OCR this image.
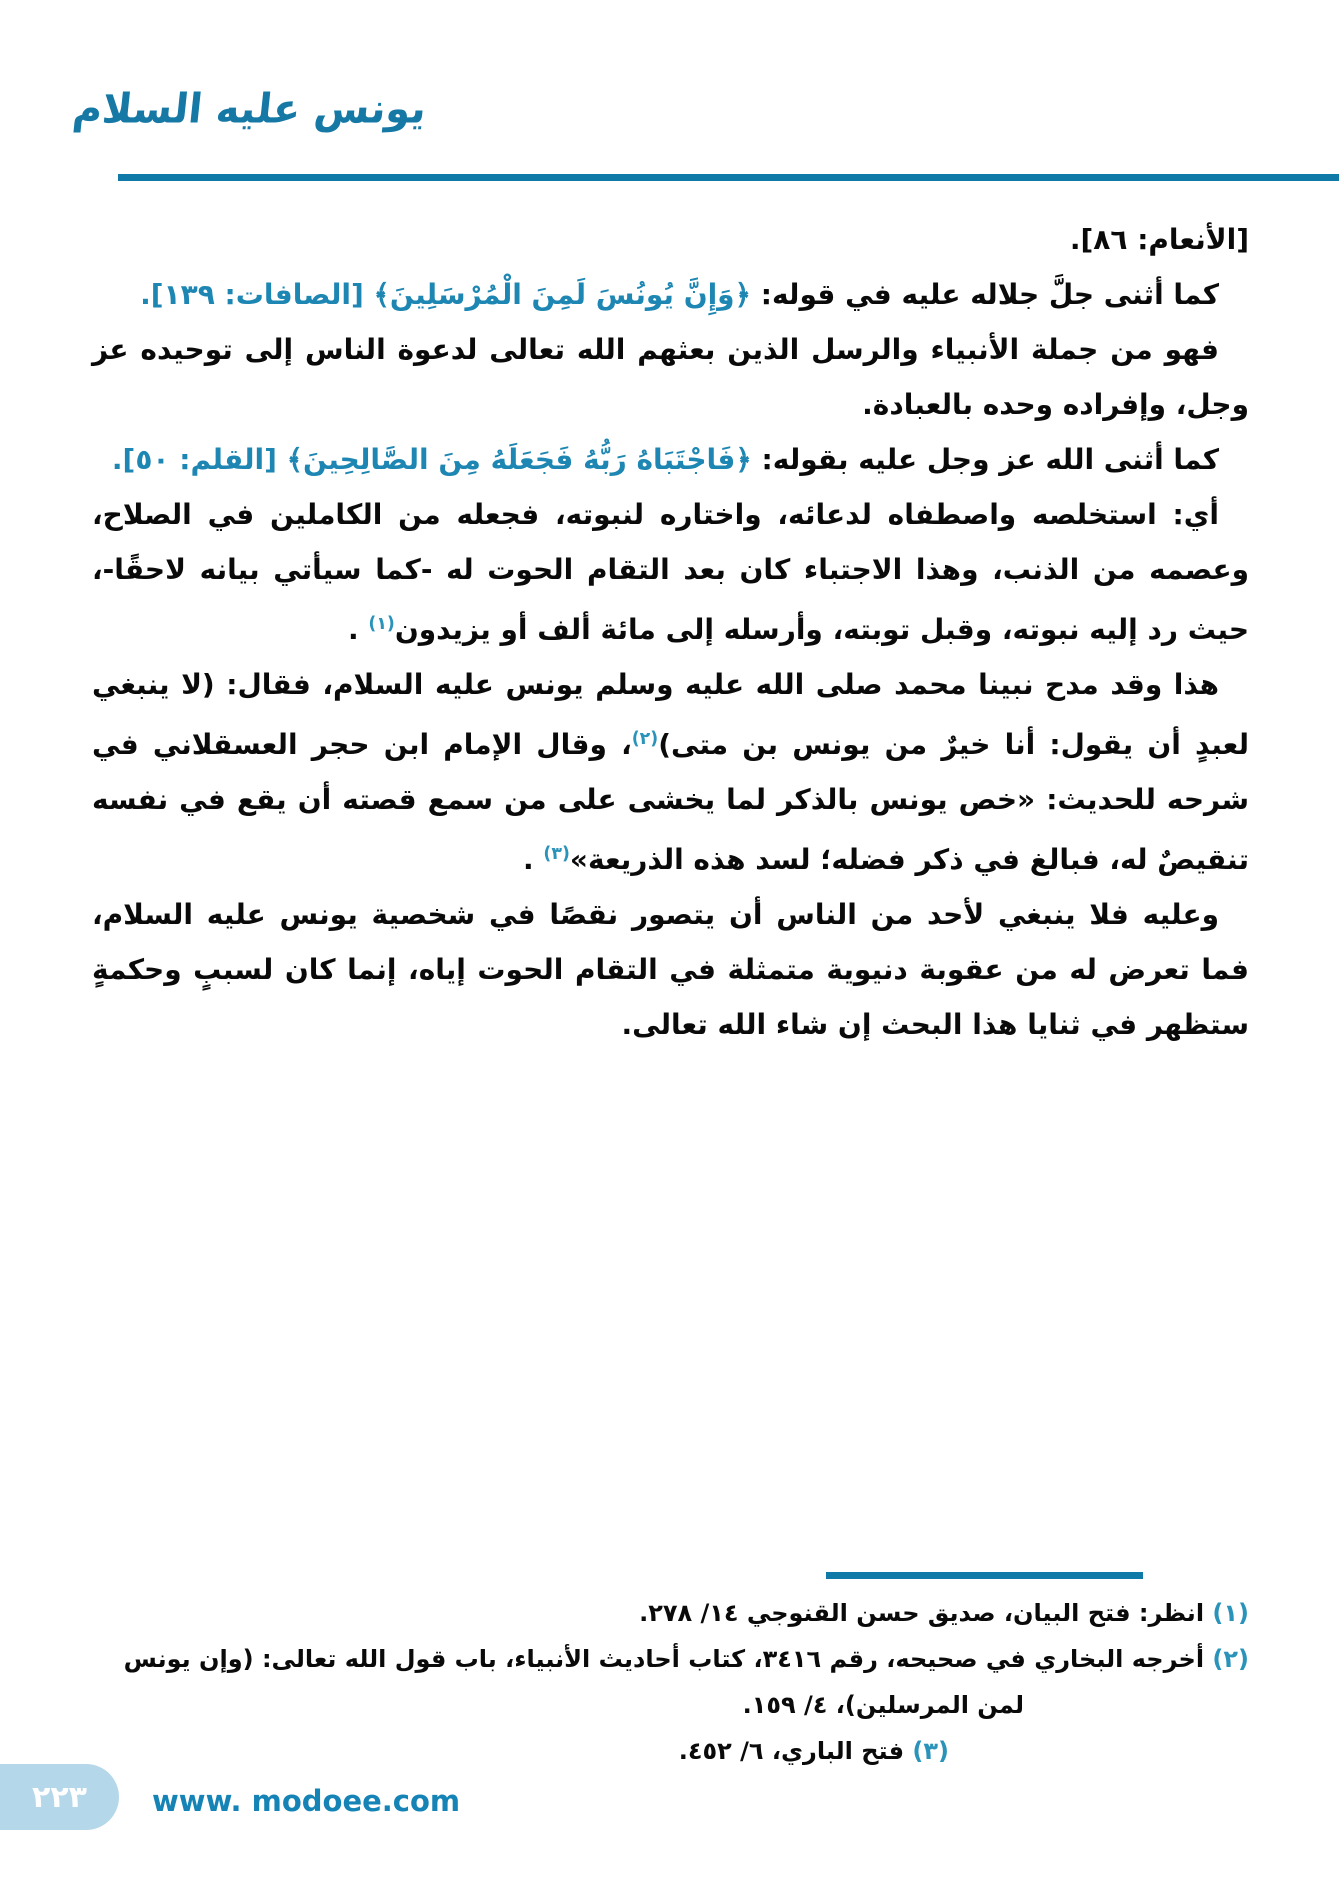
يونس عليه السلام

[الأنعام: ٨٦].

كما أثنى جلَّ جلاله عليه في قوله: ﴿وَإِنَّ يُونُسَ لَمِنَ الْمُرْسَلِينَ﴾ [الصافات: ١٣٩].

فهو من جملة الأنبياء والرسل الذين بعثهم الله تعالى لدعوة الناس إلى توحيده عز وجل، وإفراده وحده بالعبادة.

كما أثنى الله عز وجل عليه بقوله: ﴿فَاجْتَبَاهُ رَبُّهُ فَجَعَلَهُ مِنَ الصَّالِحِينَ﴾ [القلم: ٥٠].

أي: استخلصه واصطفاه لدعائه، واختاره لنبوته، فجعله من الكاملين في الصلاح، وعصمه من الذنب، وهذا الاجتباء كان بعد التقام الحوت له -كما سيأتي بيانه لاحقًا-، حيث رد إليه نبوته، وقبل توبته، وأرسله إلى مائة ألف أو يزيدون$^{(١)}$ .

هذا وقد مدح نبينا محمد صلى الله عليه وسلم يونس عليه السلام، فقال: (لا ينبغي لعبدٍ أن يقول: أنا خيرٌ من يونس بن متى)$^{(٢)}$، وقال الإمام ابن حجر العسقلاني في شرحه للحديث: «خص يونس بالذكر لما يخشى على من سمع قصته أن يقع في نفسه تنقيصٌ له، فبالغ في ذكر فضله؛ لسد هذه الذريعة»$^{(٣)}$ .

وعليه فلا ينبغي لأحد من الناس أن يتصور نقصًا في شخصية يونس عليه السلام، فما تعرض له من عقوبة دنيوية متمثلة في التقام الحوت إياه، إنما كان لسببٍ وحكمةٍ ستظهر في ثنايا هذا البحث إن شاء الله تعالى.

(١) انظر: فتح البيان، صديق حسن القنوجي ١٤/ ٢٧٨.
(٢) أخرجه البخاري في صحيحه، رقم ٣٤١٦، كتاب أحاديث الأنبياء، باب قول الله تعالى: (وإن يونس
لمن المرسلين)، ٤/ ١٥٩.
(٣) فتح الباري، ٦/ ٤٥٢.
٢٢٣ www. modoee.com
